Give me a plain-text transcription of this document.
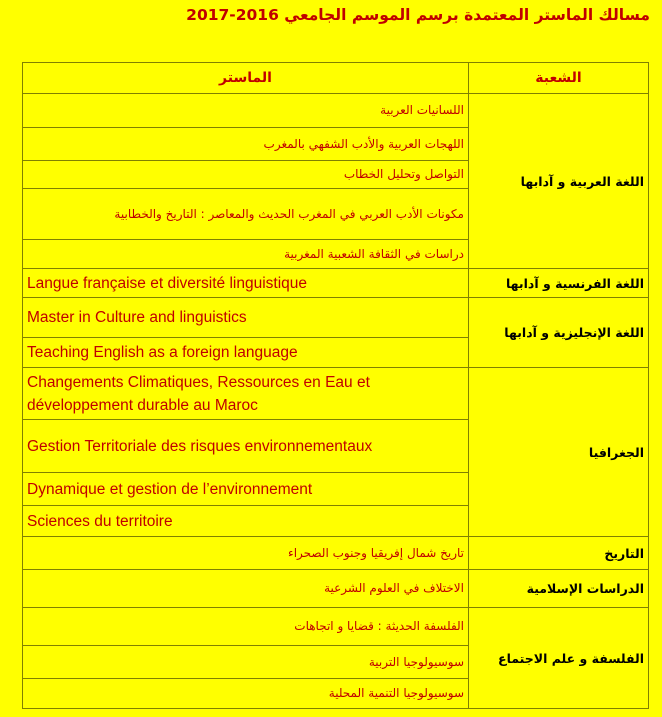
مسالك الماستر المعتمدة برسم الموسم الجامعي 2016-2017
الماستر	الشعبة
اللسانيات العربية	اللغة العربية و آدابها
اللهجات العربية والأدب الشفهي بالمغرب	
التواصل وتحليل الخطاب	
مكونات الأدب العربي في المغرب الحديث والمعاصر : التاريخ والخطابية	
دراسات في الثقافة الشعبية المغربية	
Langue française et diversité linguistique	اللغة الفرنسية و آدابها
Master in Culture and linguistics	اللغة الإنجليزية و آدابها
Teaching English as a foreign language	
Changements Climatiques, Ressources en Eau et développement durable au Maroc	الجغرافيا
Gestion Territoriale des risques environnementaux	
Dynamique et gestion de l’environnement	
Sciences du territoire	
تاريخ شمال إفريقيا وجنوب الصحراء	التاريخ
الاختلاف في العلوم الشرعية	الدراسات الإسلامية
الفلسفة الحديثة : قضايا و اتجاهات	الفلسفة و علم الاجتماع
سوسيولوجيا التربية	
سوسيولوجيا التنمية المحلية	
